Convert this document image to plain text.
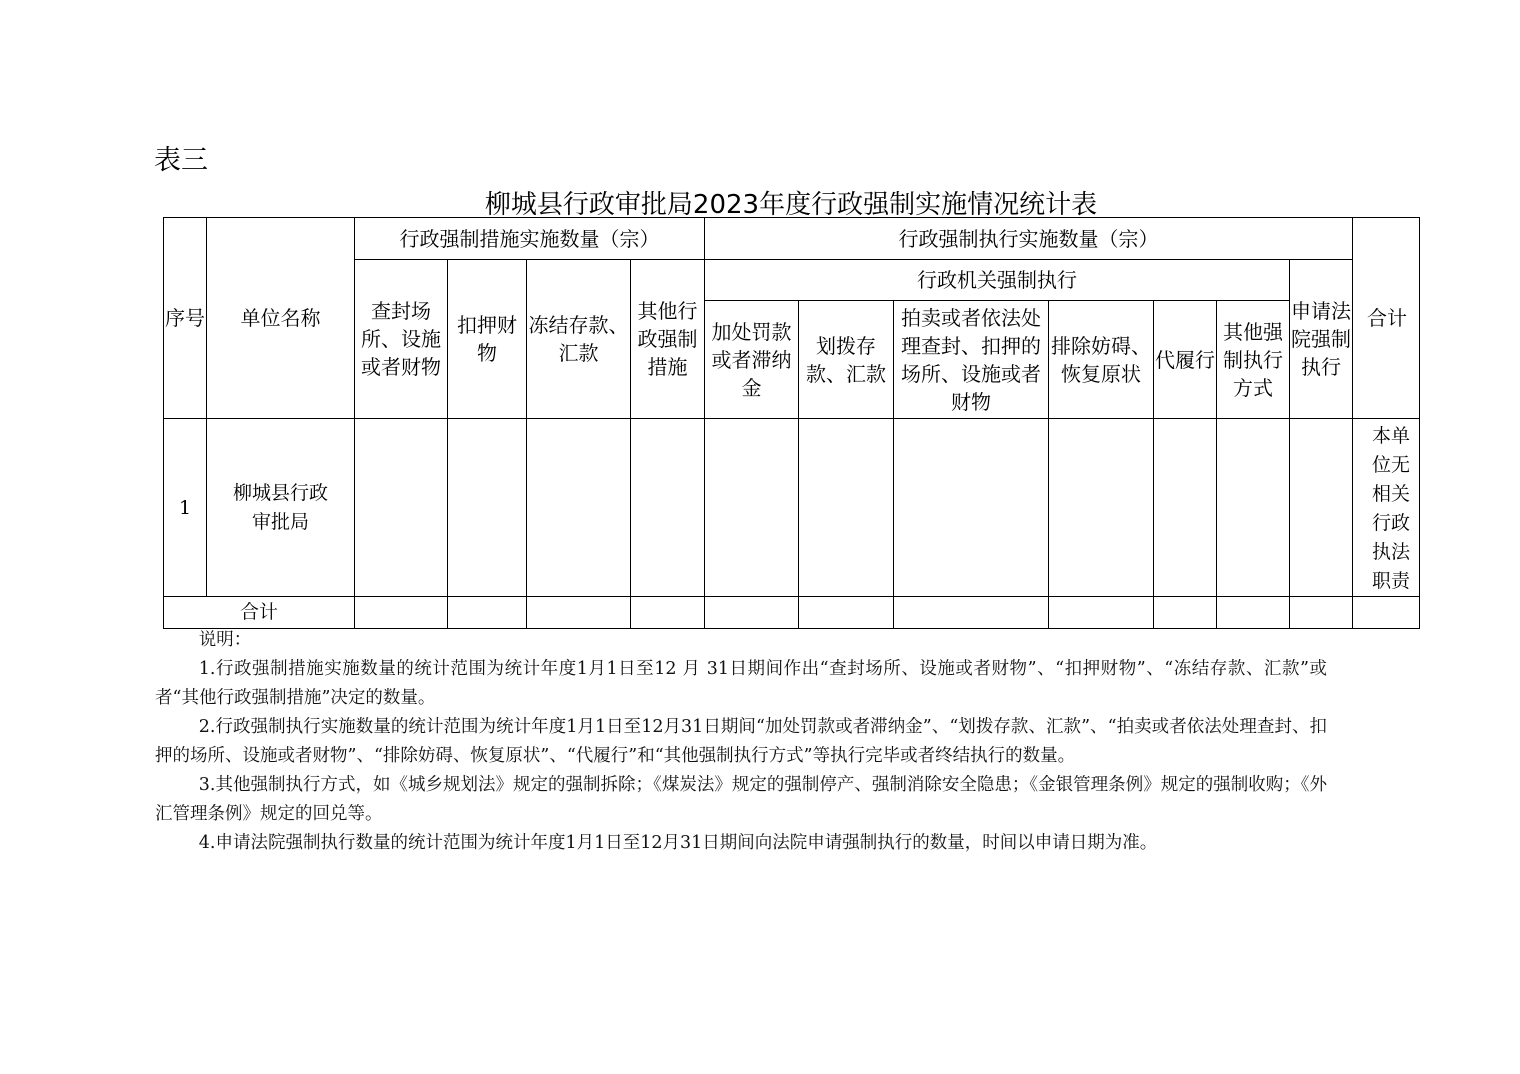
表三
柳城县行政审批局2023年度行政强制实施情况统计表
序号	单位名称	行政强制措施实施数量（宗）				行政强制执行实施数量（宗）							合计
		查封场所、设施或者财物	扣押财物	冻结存款、汇款	其他行政强制措施	行政机关强制执行						申请法院强制执行	
						加处罚款或者滞纳金	划拨存款、汇款	拍卖或者依法处理查封、扣押的场所、设施或者财物	排除妨碍、恢复原状	代履行	其他强制执行方式		
1	柳城县行政审批局												本单位无相关行政执法职责
合计													

说明：

1.行政强制措施实施数量的统计范围为统计年度1月1日至12 月 31日期间作出“查封场所、设施或者财物”、“扣押财物”、“冻结存款、汇款”或者“其他行政强制措施”决定的数量。

2.行政强制执行实施数量的统计范围为统计年度1月1日至12月31日期间“加处罚款或者滞纳金”、“划拨存款、汇款”、“拍卖或者依法处理查封、扣押的场所、设施或者财物”、“排除妨碍、恢复原状”、“代履行”和“其他强制执行方式”等执行完毕或者终结执行的数量。

3.其他强制执行方式，如《城乡规划法》规定的强制拆除；《煤炭法》规定的强制停产、强制消除安全隐患；《金银管理条例》规定的强制收购；《外汇管理条例》规定的回兑等。

4.申请法院强制执行数量的统计范围为统计年度1月1日至12月31日期间向法院申请强制执行的数量，时间以申请日期为准。
